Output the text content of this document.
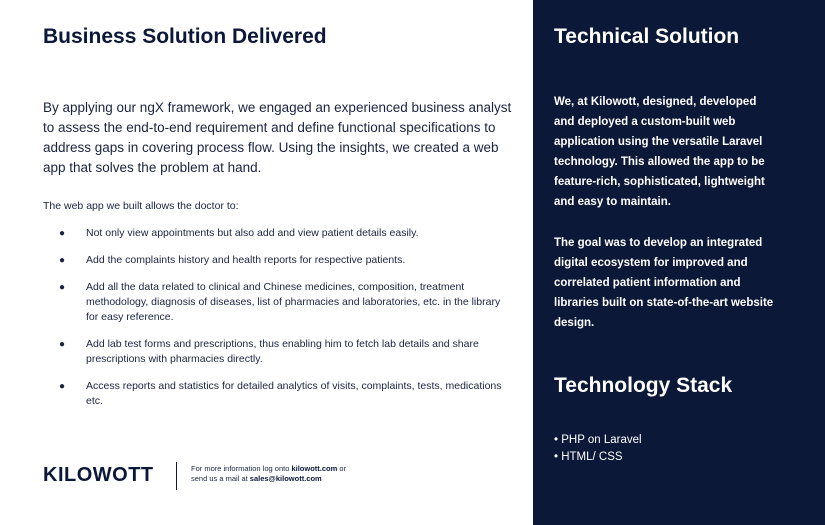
Business Solution Delivered

By applying our ngX framework, we engaged an experienced business analyst to assess the end-to-end requirement and define functional specifications to address gaps in covering process flow. Using the insights, we created a web app that solves the problem at hand.

The web app we built allows the doctor to:

● Not only view appointments but also add and view patient details easily.
● Add the complaints history and health reports for respective patients.
● Add all the data related to clinical and Chinese medicines, composition, treatment methodology, diagnosis of diseases, list of pharmacies and laboratories, etc. in the library for easy reference.
● Add lab test forms and prescriptions, thus enabling him to fetch lab details and share prescriptions with pharmacies directly.
● Access reports and statistics for detailed analytics of visits, complaints, tests, medications etc.
KILOWOTT	For more information log onto kilowott.com or
send us a mail at sales@kilowott.com
Technical Solution

We, at Kilowott, designed, developed and deployed a custom-built web application using the versatile Laravel technology. This allowed the app to be feature-rich, sophisticated, lightweight and easy to maintain.

The goal was to develop an integrated digital ecosystem for improved and correlated patient information and libraries built on state-of-the-art website design.

Technology Stack
• PHP on Laravel
• HTML/ CSS
